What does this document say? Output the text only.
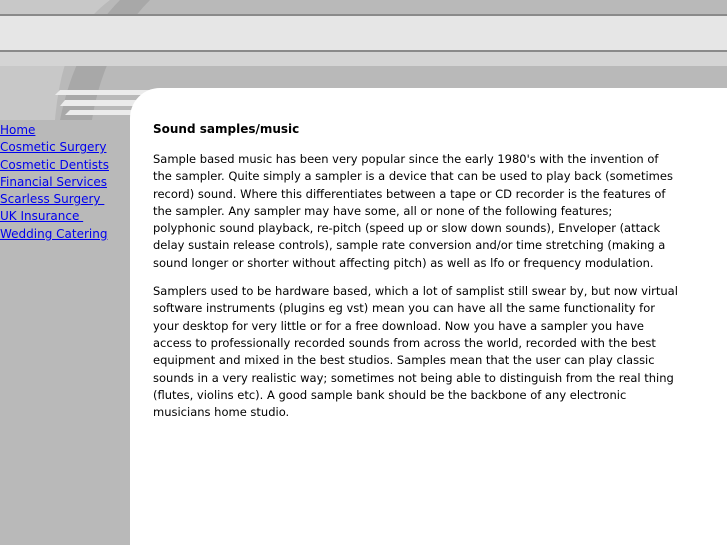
Home
Cosmetic Surgery
Cosmetic Dentists
Financial Services
Scarless Surgery
UK Insurance
Wedding Catering
Sound samples/music

Sample based music has been very popular since the early 1980's with the invention of the sampler. Quite simply a sampler is a device that can be used to play back (sometimes record) sound. Where this differentiates between a tape or CD recorder is the features of the sampler. Any sampler may have some, all or none of the following features; polyphonic sound playback, re-pitch (speed up or slow down sounds), Enveloper (attack delay sustain release controls), sample rate conversion and/or time stretching (making a sound longer or shorter without affecting pitch) as well as lfo or frequency modulation.

Samplers used to be hardware based, which a lot of samplist still swear by, but now virtual software instruments (plugins eg vst) mean you can have all the same functionality for your desktop for very little or for a free download. Now you have a sampler you have access to professionally recorded sounds from across the world, recorded with the best equipment and mixed in the best studios. Samples mean that the user can play classic sounds in a very realistic way; sometimes not being able to distinguish from the real thing (flutes, violins etc). A good sample bank should be the backbone of any electronic musicians home studio.
